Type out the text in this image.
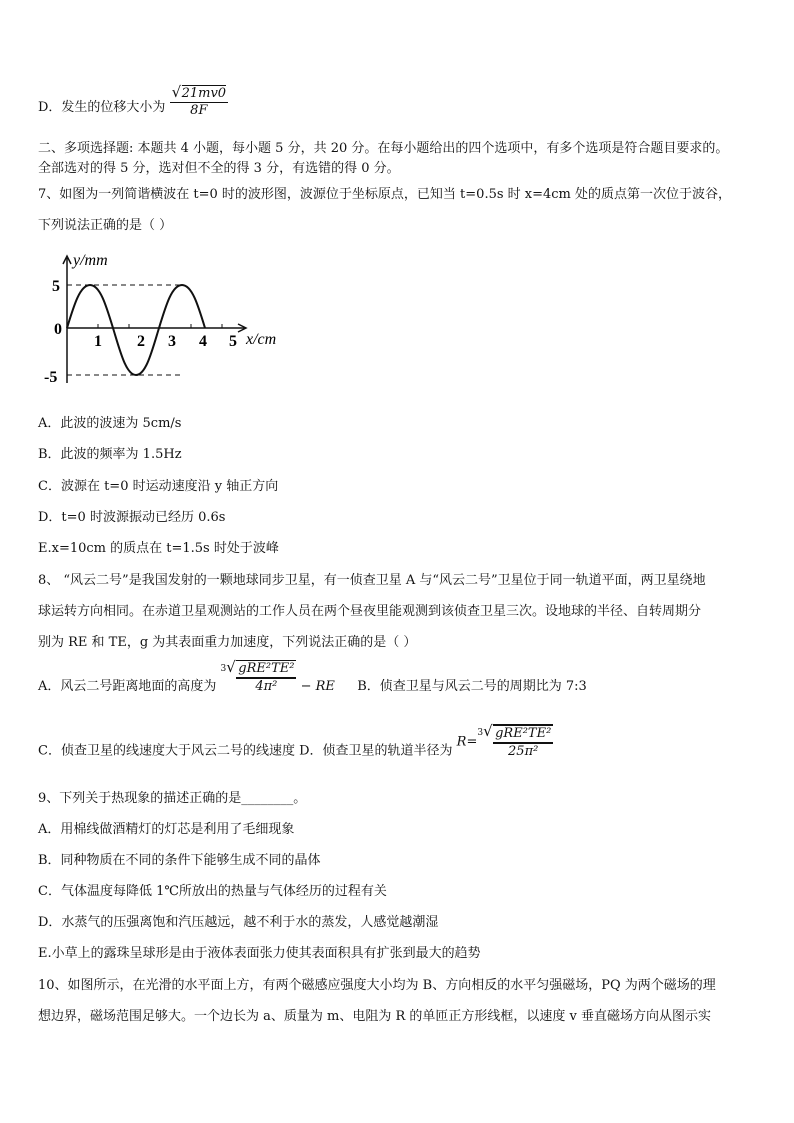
D．发生的位移大小为 √ $\frac{21mv0}{8F}$
二、多项选择题: 本题共 4 小题，每小题 5 分，共 20 分。在每小题给出的四个选项中，有多个选项是符合题目要求的。
全部选对的得 5 分，选对但不全的得 3 分，有选错的得 0 分。
7、如图为一列简谐横波在 t=0 时的波形图，波源位于坐标原点，已知当 t=0.5s 时 x=4cm 处的质点第一次位于波谷，
下列说法正确的是（ ）
y/mm
x/cm
5
0
-5
1 2 3 4 5
A．此波的波速为 5cm/s
B．此波的频率为 1.5Hz
C．波源在 t=0 时运动速度沿 y 轴正方向
D．t=0 时波源振动已经历 0.6s
E.x=10cm 的质点在 t=1.5s 时处于波峰
8、 “风云二号”是我国发射的一颗地球同步卫星，有一侦查卫星 A 与“风云二号”卫星位于同一轨道平面，两卫星绕地
球运转方向相同。在赤道卫星观测站的工作人员在两个昼夜里能观测到该侦查卫星三次。设地球的半径、自转周期分
别为 RE 和 TE，g 为其表面重力加速度，下列说法正确的是（ ）
A．风云二号距离地面的高度为 $^3$ √ $\frac{\text{gRE²TE²}}{\text{4π²}}$ − RE B．侦查卫星与风云二号的周期比为 7:3
C．侦查卫星的线速度大于风云二号的线速度 D．侦查卫星的轨道半径为 R=$^3$ √ $\frac{\text{gRE²TE²}}{\text{25π²}}$
9、下列关于热现象的描述正确的是________。
A．用棉线做酒精灯的灯芯是利用了毛细现象
B．同种物质在不同的条件下能够生成不同的晶体
C．气体温度每降低 1℃所放出的热量与气体经历的过程有关
D．水蒸气的压强离饱和汽压越远，越不利于水的蒸发，人感觉越潮湿
E.小草上的露珠呈球形是由于液体表面张力使其表面积具有扩张到最大的趋势
10、如图所示，在光滑的水平面上方，有两个磁感应强度大小均为 B、方向相反的水平匀强磁场，PQ 为两个磁场的理
想边界，磁场范围足够大。一个边长为 a、质量为 m、电阻为 R 的单匝正方形线框，以速度 v 垂直磁场方向从图示实
